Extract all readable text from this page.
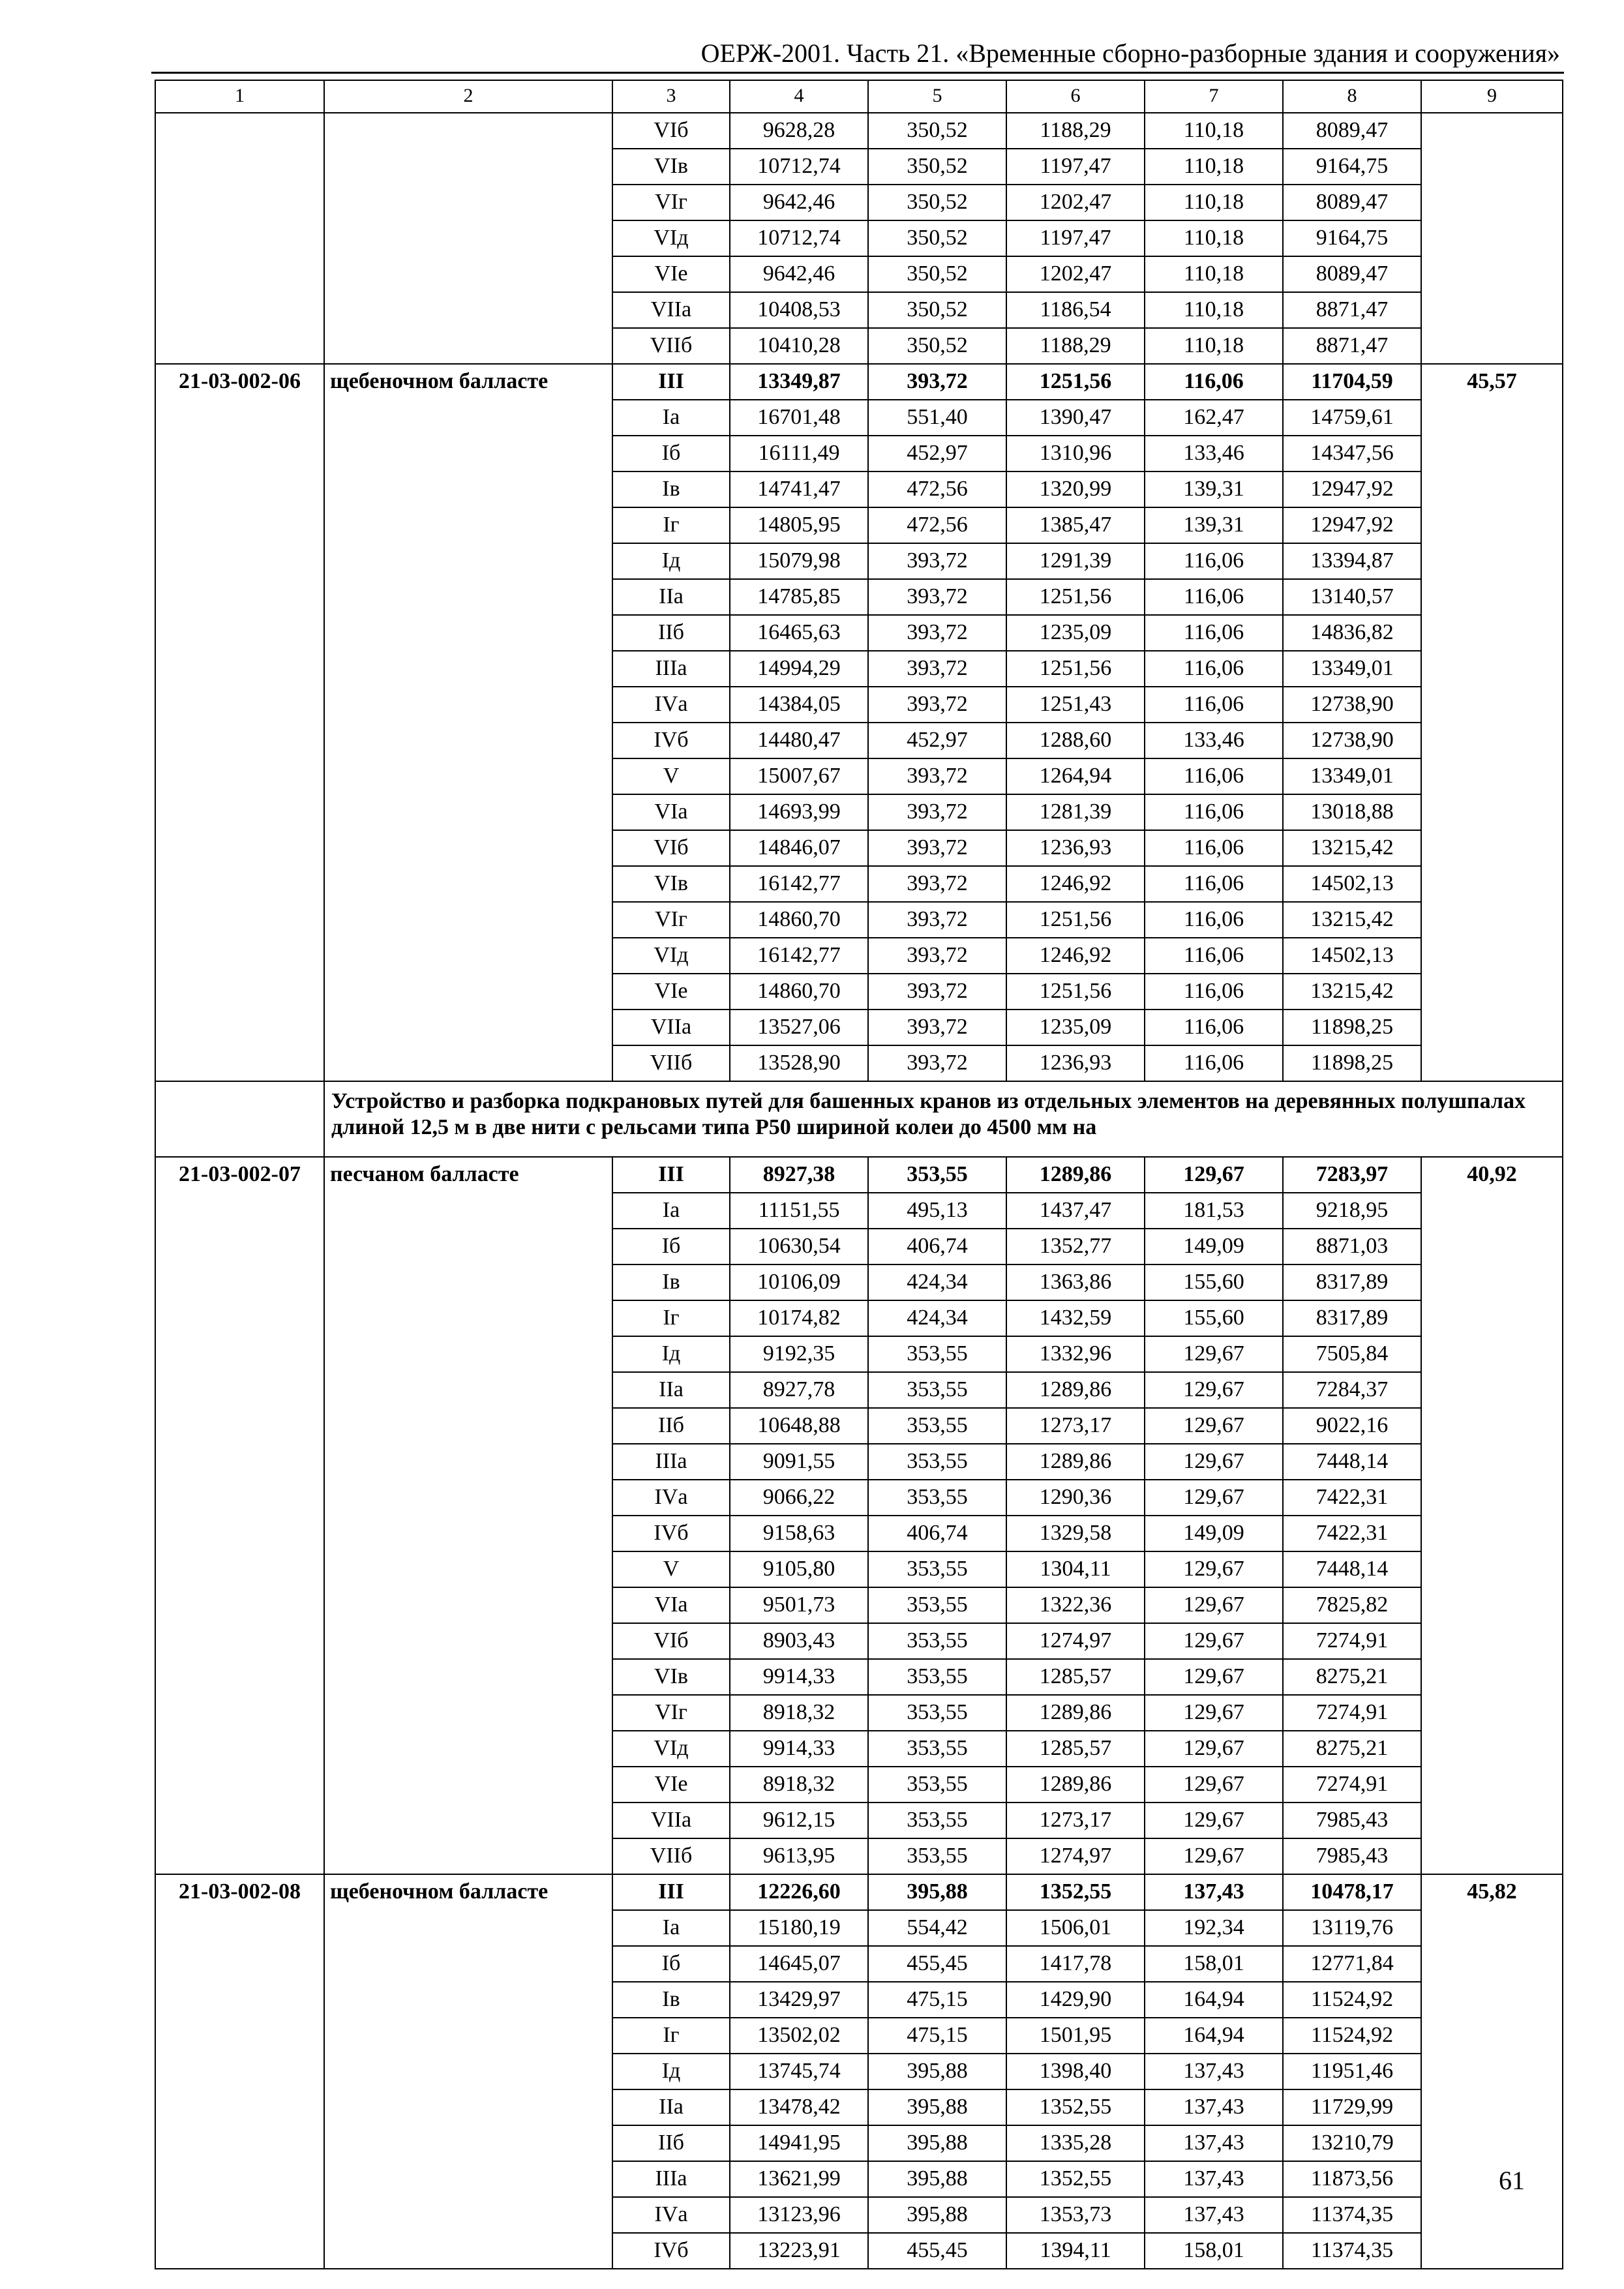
ОЕРЖ-2001. Часть 21. «Временные сборно-разборные здания и сооружения»
1	2	3	4	5	6	7	8	9
		VIб	9628,28	350,52	1188,29	110,18	8089,47	
		VIв	10712,74	350,52	1197,47	110,18	9164,75	
		VIг	9642,46	350,52	1202,47	110,18	8089,47	
		VIд	10712,74	350,52	1197,47	110,18	9164,75	
		VIе	9642,46	350,52	1202,47	110,18	8089,47	
		VIIа	10408,53	350,52	1186,54	110,18	8871,47	
		VIIб	10410,28	350,52	1188,29	110,18	8871,47	
21-03-002-06	щебеночном балласте	III	13349,87	393,72	1251,56	116,06	11704,59	45,57
		Iа	16701,48	551,40	1390,47	162,47	14759,61	
		Iб	16111,49	452,97	1310,96	133,46	14347,56	
		Iв	14741,47	472,56	1320,99	139,31	12947,92	
		Iг	14805,95	472,56	1385,47	139,31	12947,92	
		Iд	15079,98	393,72	1291,39	116,06	13394,87	
		IIа	14785,85	393,72	1251,56	116,06	13140,57	
		IIб	16465,63	393,72	1235,09	116,06	14836,82	
		IIIа	14994,29	393,72	1251,56	116,06	13349,01	
		IVа	14384,05	393,72	1251,43	116,06	12738,90	
		IVб	14480,47	452,97	1288,60	133,46	12738,90	
		V	15007,67	393,72	1264,94	116,06	13349,01	
		VIа	14693,99	393,72	1281,39	116,06	13018,88	
		VIб	14846,07	393,72	1236,93	116,06	13215,42	
		VIв	16142,77	393,72	1246,92	116,06	14502,13	
		VIг	14860,70	393,72	1251,56	116,06	13215,42	
		VIд	16142,77	393,72	1246,92	116,06	14502,13	
		VIе	14860,70	393,72	1251,56	116,06	13215,42	
		VIIа	13527,06	393,72	1235,09	116,06	11898,25	
		VIIб	13528,90	393,72	1236,93	116,06	11898,25	
	Устройство и разборка подкрановых путей для башенных кранов из отдельных элементов на деревянных полушпалах длиной 12,5 м в две нити с рельсами типа Р50 шириной колеи до 4500 мм на							
21-03-002-07	песчаном балласте	III	8927,38	353,55	1289,86	129,67	7283,97	40,92
		Iа	11151,55	495,13	1437,47	181,53	9218,95	
		Iб	10630,54	406,74	1352,77	149,09	8871,03	
		Iв	10106,09	424,34	1363,86	155,60	8317,89	
		Iг	10174,82	424,34	1432,59	155,60	8317,89	
		Iд	9192,35	353,55	1332,96	129,67	7505,84	
		IIа	8927,78	353,55	1289,86	129,67	7284,37	
		IIб	10648,88	353,55	1273,17	129,67	9022,16	
		IIIа	9091,55	353,55	1289,86	129,67	7448,14	
		IVа	9066,22	353,55	1290,36	129,67	7422,31	
		IVб	9158,63	406,74	1329,58	149,09	7422,31	
		V	9105,80	353,55	1304,11	129,67	7448,14	
		VIа	9501,73	353,55	1322,36	129,67	7825,82	
		VIб	8903,43	353,55	1274,97	129,67	7274,91	
		VIв	9914,33	353,55	1285,57	129,67	8275,21	
		VIг	8918,32	353,55	1289,86	129,67	7274,91	
		VIд	9914,33	353,55	1285,57	129,67	8275,21	
		VIе	8918,32	353,55	1289,86	129,67	7274,91	
		VIIа	9612,15	353,55	1273,17	129,67	7985,43	
		VIIб	9613,95	353,55	1274,97	129,67	7985,43	
21-03-002-08	щебеночном балласте	III	12226,60	395,88	1352,55	137,43	10478,17	45,82
		Iа	15180,19	554,42	1506,01	192,34	13119,76	
		Iб	14645,07	455,45	1417,78	158,01	12771,84	
		Iв	13429,97	475,15	1429,90	164,94	11524,92	
		Iг	13502,02	475,15	1501,95	164,94	11524,92	
		Iд	13745,74	395,88	1398,40	137,43	11951,46	
		IIа	13478,42	395,88	1352,55	137,43	11729,99	
		IIб	14941,95	395,88	1335,28	137,43	13210,79	
		IIIа	13621,99	395,88	1352,55	137,43	11873,56	
		IVа	13123,96	395,88	1353,73	137,43	11374,35	
		IVб	13223,91	455,45	1394,11	158,01	11374,35	
61
